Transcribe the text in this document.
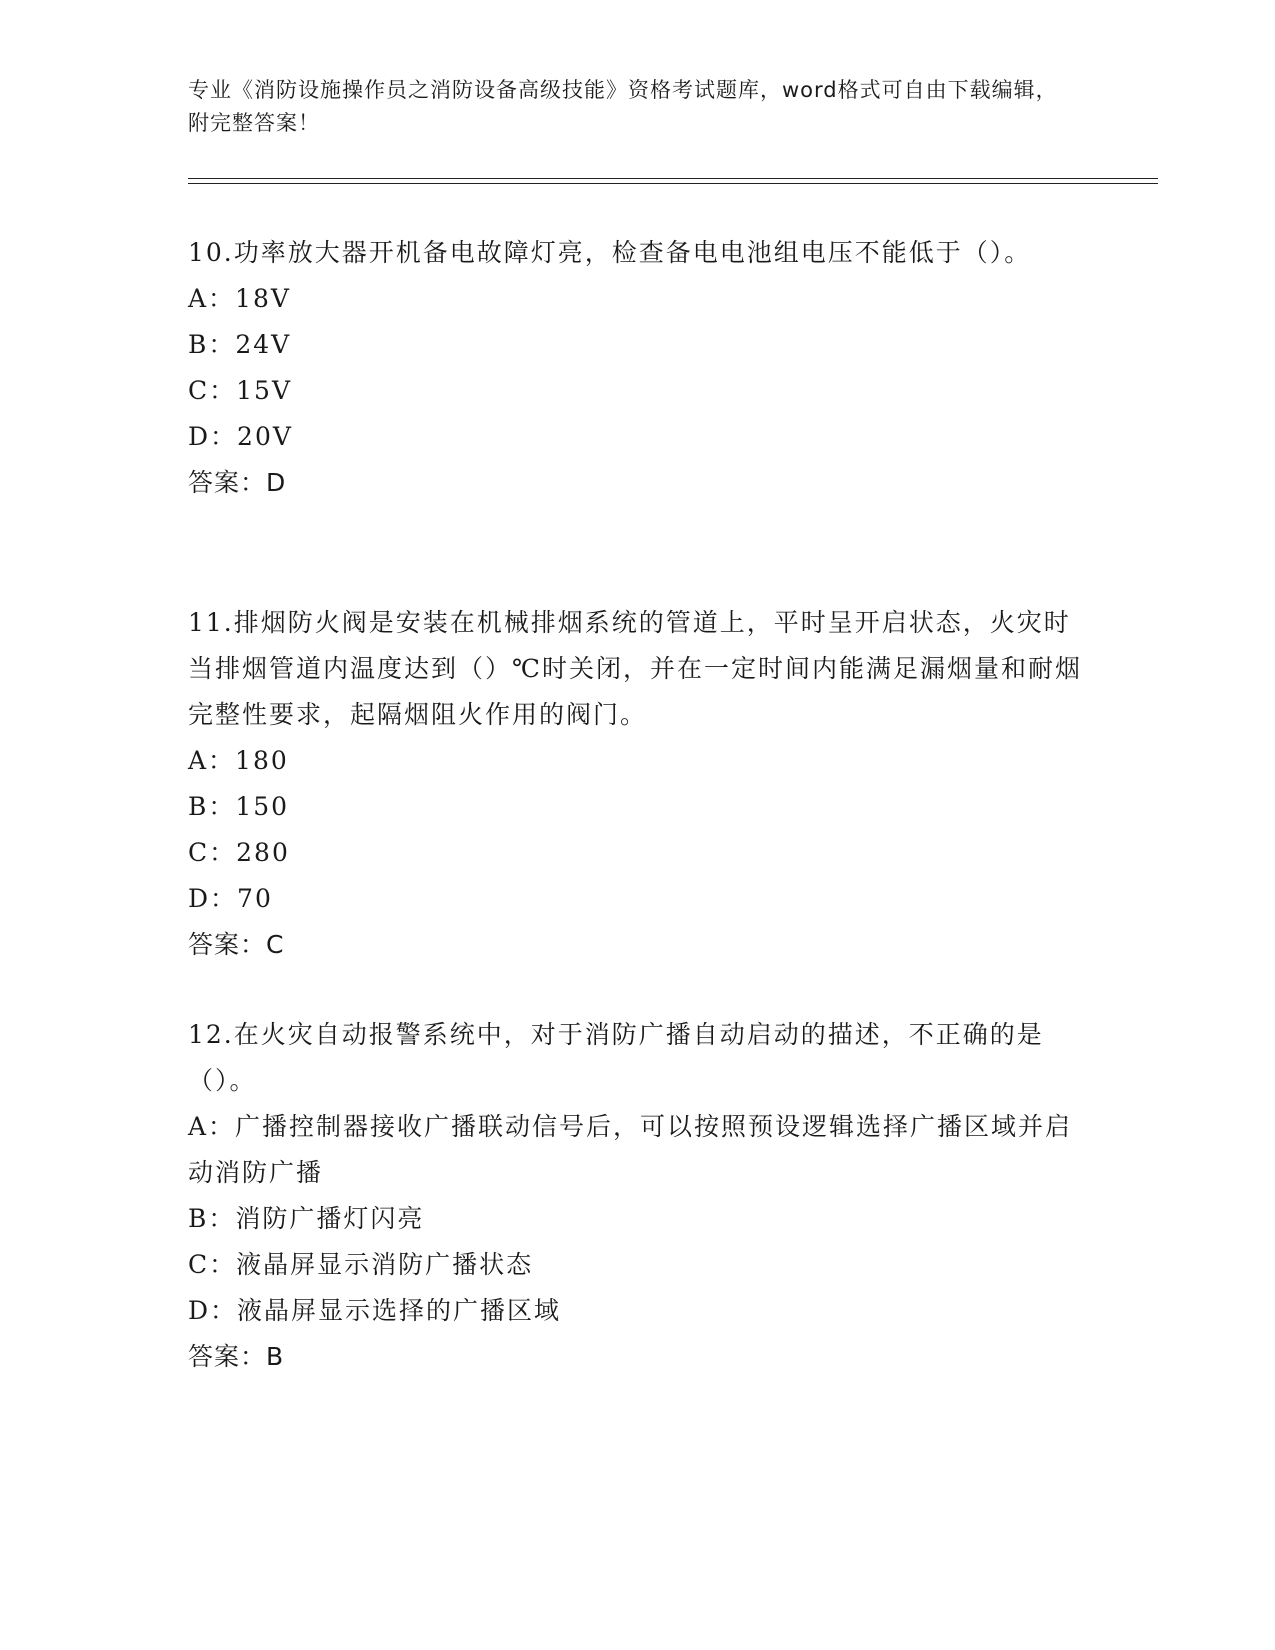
专业《消防设施操作员之消防设备高级技能》资格考试题库，word格式可自由下载编辑，附完整答案！

10.功率放大器开机备电故障灯亮，检查备电电池组电压不能低于（）。

A：18V

B：24V

C：15V

D：20V

答案：D

11.排烟防火阀是安装在机械排烟系统的管道上，平时呈开启状态，火灾时当排烟管道内温度达到（）℃时关闭，并在一定时间内能满足漏烟量和耐烟完整性要求，起隔烟阻火作用的阀门。

A：180

B：150

C：280

D：70

答案：C

12.在火灾自动报警系统中，对于消防广播自动启动的描述，不正确的是（）。

A：广播控制器接收广播联动信号后，可以按照预设逻辑选择广播区域并启动消防广播

B：消防广播灯闪亮

C：液晶屏显示消防广播状态

D：液晶屏显示选择的广播区域

答案：B
